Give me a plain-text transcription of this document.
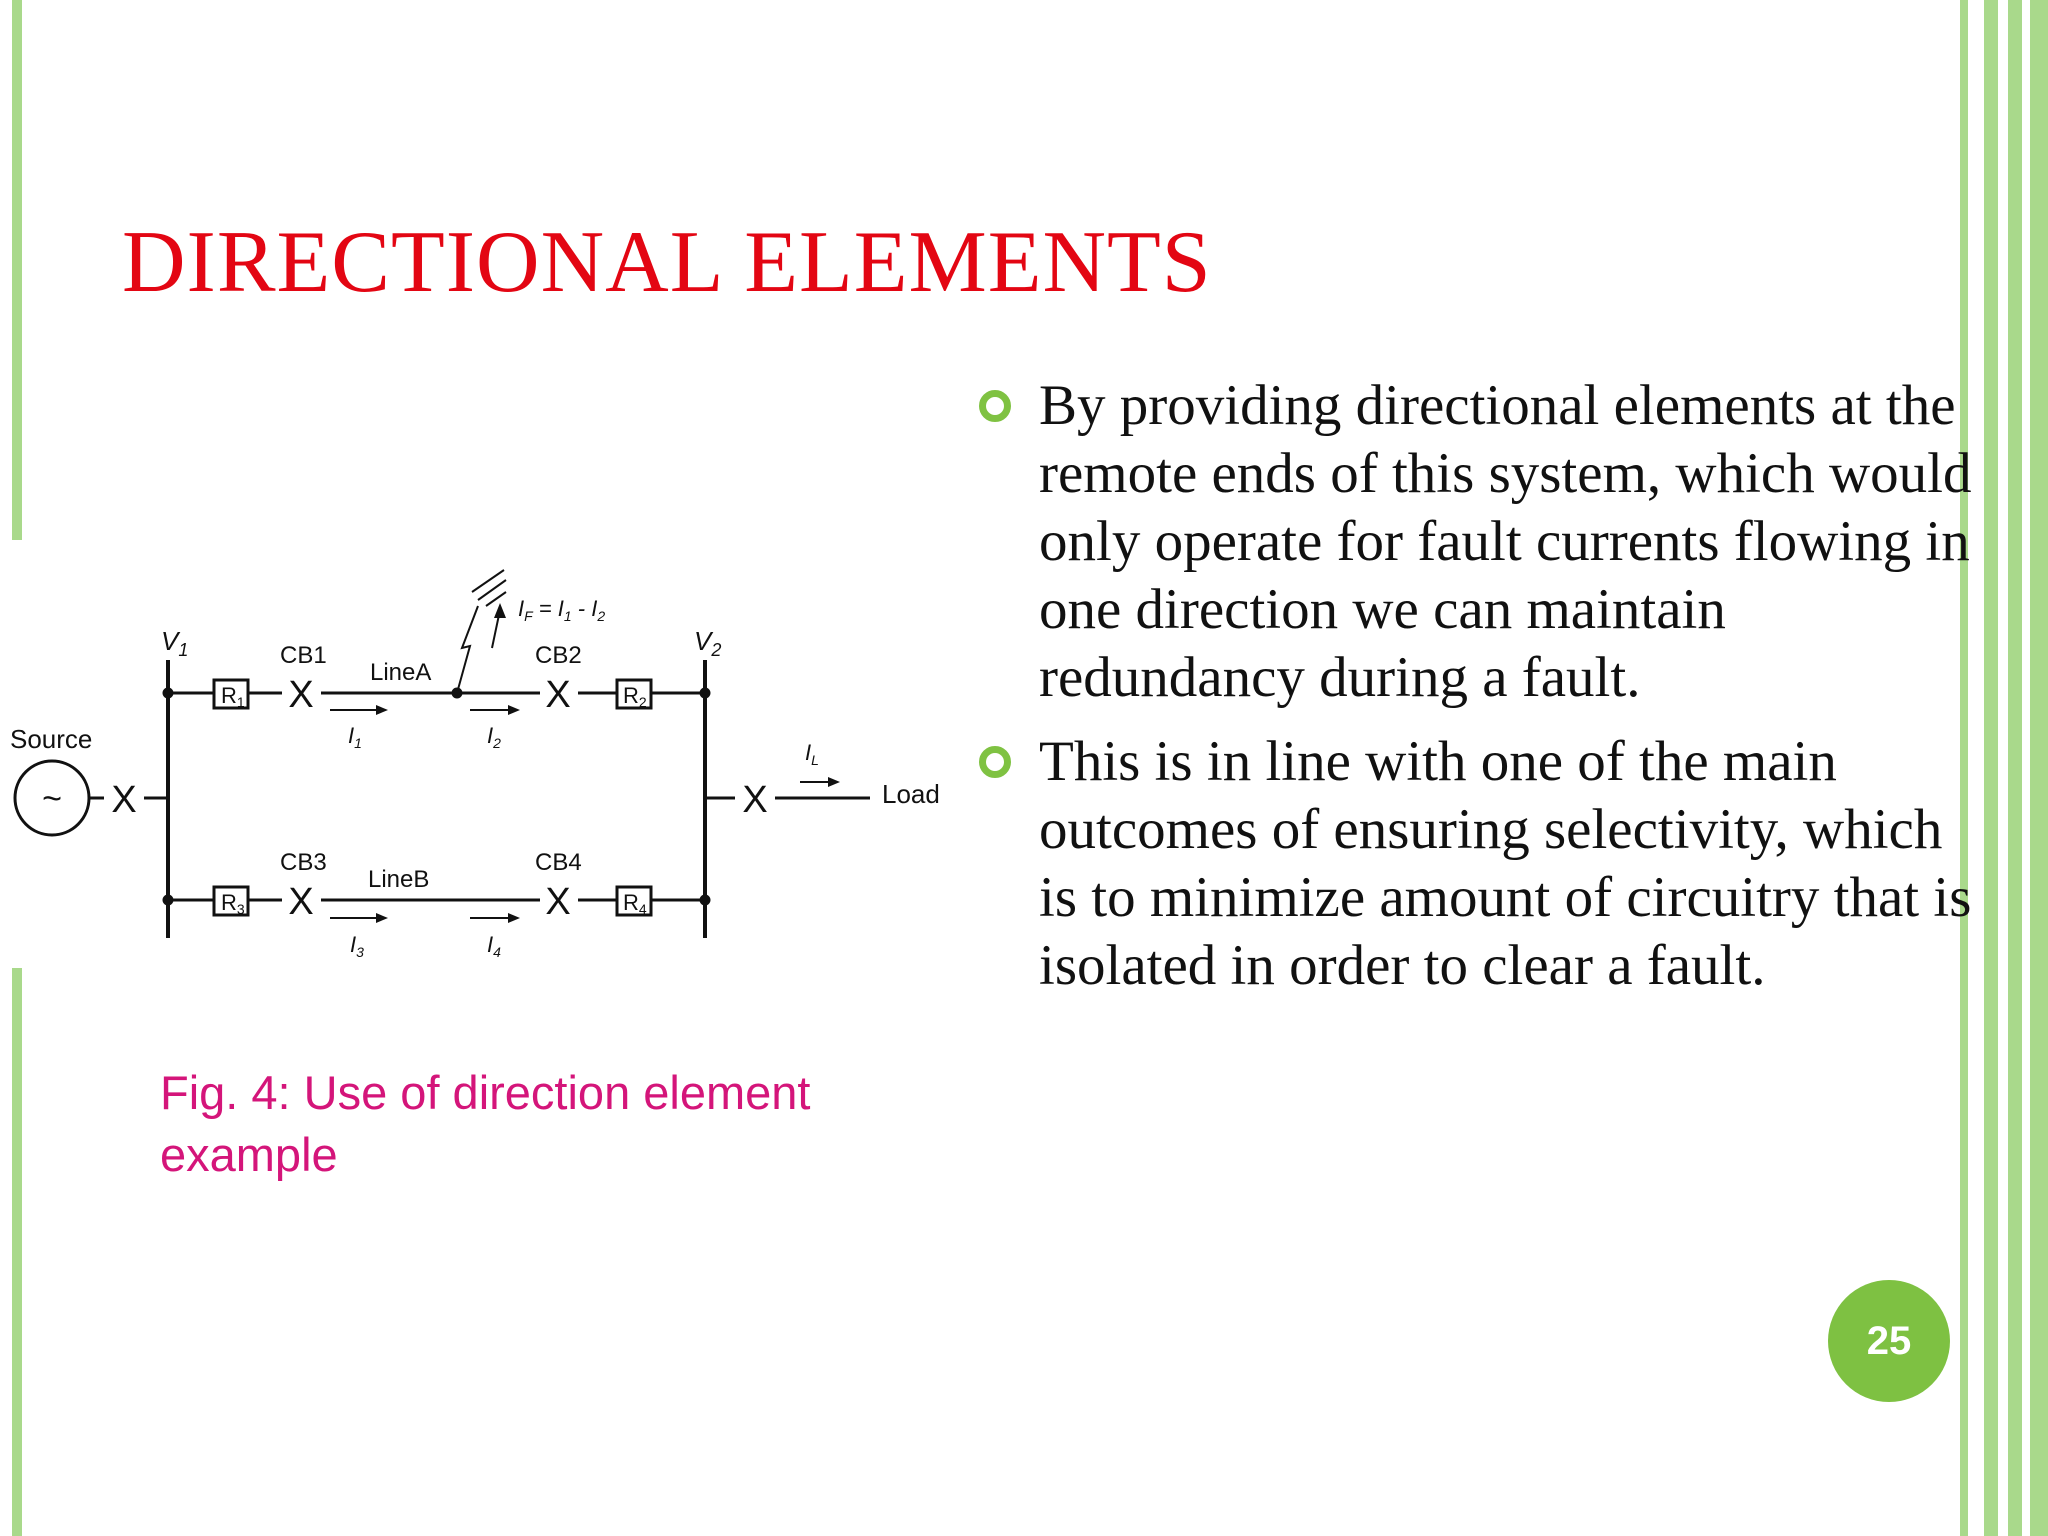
DIRECTIONAL ELEMENTS
Source
~ X
$V_1$	$V_2$
R1 X
CB1
LineA
X
CB2
R2
$I_F = I_1 - I_2$
$I_1$	$I_2$
R3 X
CB3
LineB
X
CB4
R4
$I_3$	$I_4$
X
$I_L$
Load
Fig. 4: Use of direction element example
By providing directional elements at the remote ends of this system, which would only operate for fault currents flowing in one direction we can maintain redundancy during a fault.
This is in line with one of the main outcomes of ensuring selectivity, which is to minimize amount of circuitry that is isolated in order to clear a fault.
25
